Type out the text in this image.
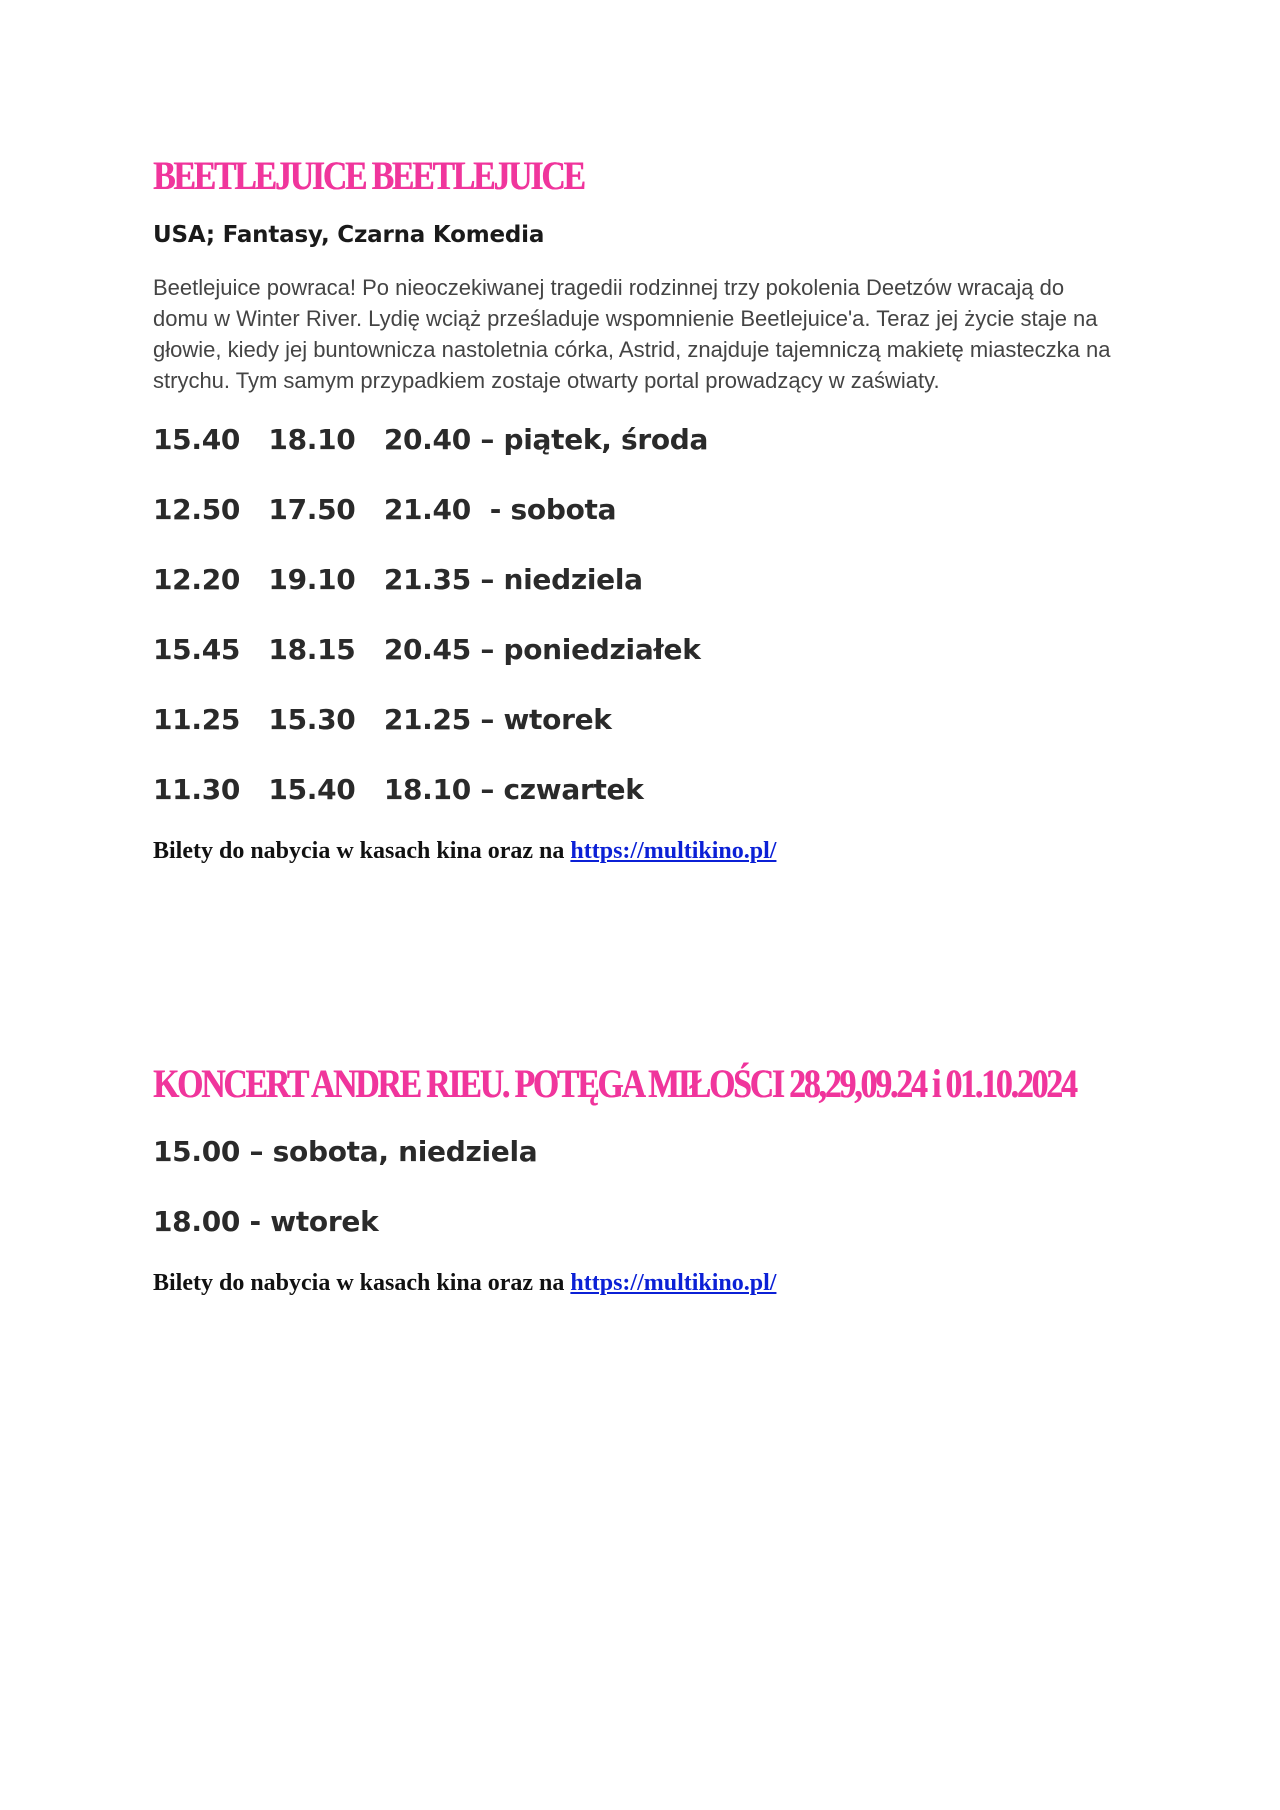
BEETLEJUICE BEETLEJUICE
USA; Fantasy, Czarna Komedia
Beetlejuice powraca! Po nieoczekiwanej tragedii rodzinnej trzy pokolenia Deetzów wracają do domu w Winter River. Lydię wciąż prześladuje wspomnienie Beetlejuice'a. Teraz jej życie staje na głowie, kiedy jej buntownicza nastoletnia córka, Astrid, znajduje tajemniczą makietę miasteczka na strychu. Tym samym przypadkiem zostaje otwarty portal prowadzący w zaświaty.
15.40   18.10   20.40 – piątek, środa
12.50   17.50   21.40  - sobota
12.20   19.10   21.35 – niedziela
15.45   18.15   20.45 – poniedziałek
11.25   15.30   21.25 – wtorek
11.30   15.40   18.10 – czwartek
Bilety do nabycia w kasach kina oraz na https://multikino.pl/
KONCERT ANDRE RIEU. POTĘGA MIŁOŚCI 28,29,09.24 i 01.10.2024
15.00 – sobota, niedziela
18.00 - wtorek
Bilety do nabycia w kasach kina oraz na https://multikino.pl/
